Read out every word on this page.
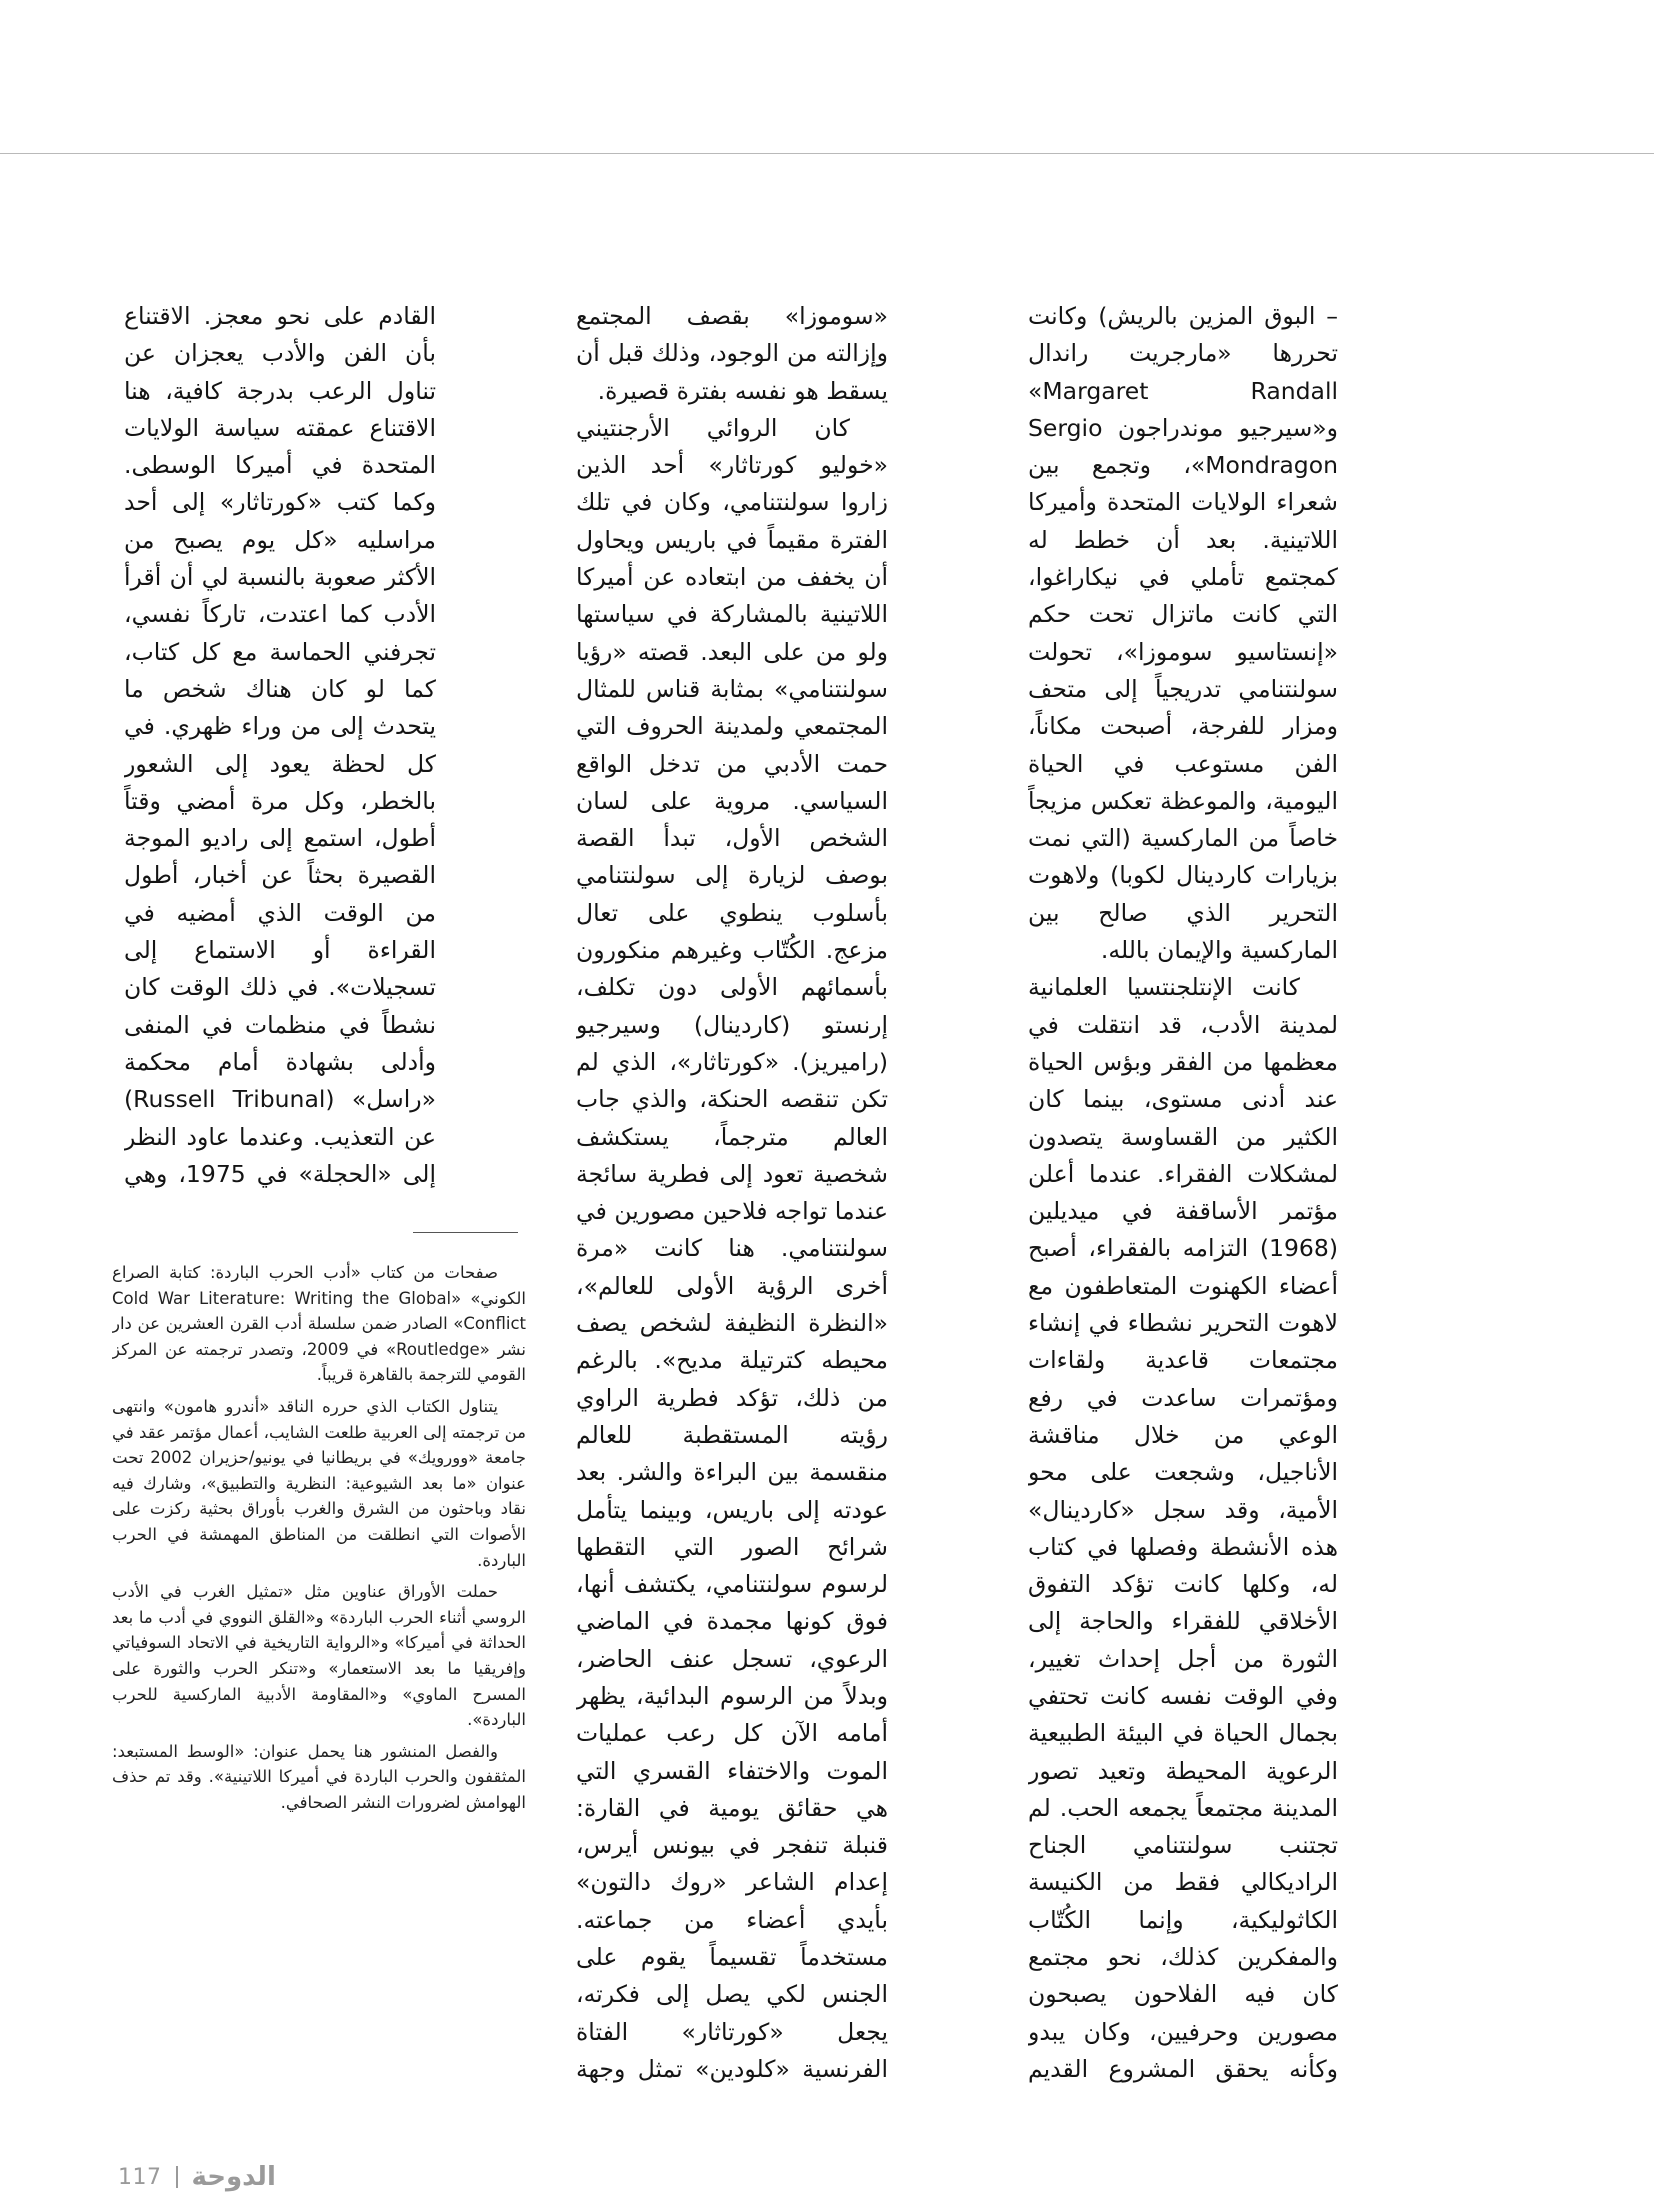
– البوق المزين بالريش) وكانت تحررها «مارجريت راندال Margaret Randall» و«سيرجيو موندراجون Sergio Mondragon»، وتجمع بين شعراء الولايات المتحدة وأميركا اللاتينية. بعد أن خطط له كمجتمع تأملي في نيكاراغوا، التي كانت ماتزال تحت حكم «إنستاسيو سوموزا»، تحولت سولنتنامي تدريجياً إلى متحف ومزار للفرجة، أصبحت مكاناً، الفن مستوعب في الحياة اليومية، والموعظة تعكس مزيجاً خاصاً من الماركسية (التي نمت بزيارات كاردينال لكوبا) ولاهوت التحرير الذي صالح بين الماركسية والإيمان بالله.

كانت الإنتلجنتسيا العلمانية لمدينة الأدب، قد انتقلت في معظمها من الفقر وبؤس الحياة عند أدنى مستوى، بينما كان الكثير من القساوسة يتصدون لمشكلات الفقراء. عندما أعلن مؤتمر الأساقفة في ميديلين (1968) التزامه بالفقراء، أصبح أعضاء الكهنوت المتعاطفون مع لاهوت التحرير نشطاء في إنشاء مجتمعات قاعدية ولقاءات ومؤتمرات ساعدت في رفع الوعي من خلال مناقشة الأناجيل، وشجعت على محو الأمية، وقد سجل «كاردينال» هذه الأنشطة وفصلها في كتاب له، وكلها كانت تؤكد التفوق الأخلاقي للفقراء والحاجة إلى الثورة من أجل إحداث تغيير، وفي الوقت نفسه كانت تحتفي بجمال الحياة في البيئة الطبيعية الرعوية المحيطة وتعيد تصور المدينة مجتمعاً يجمعه الحب. لم تجتنب سولنتنامي الجناح الراديكالي فقط من الكنيسة الكاثوليكية، وإنما الكُتّاب والمفكرين كذلك، نحو مجتمع كان فيه الفلاحون يصبحون مصورين وحرفيين، وكان يبدو وكأنه يحقق المشروع القديم

«سوموزا» بقصف المجتمع وإزالته من الوجود، وذلك قبل أن يسقط هو نفسه بفترة قصيرة.

كان الروائي الأرجنتيني «خوليو كورتاثار» أحد الذين زاروا سولنتنامي، وكان في تلك الفترة مقيماً في باريس ويحاول أن يخفف من ابتعاده عن أميركا اللاتينية بالمشاركة في سياستها ولو من على البعد. قصته «رؤيا سولنتنامي» بمثابة قناس للمثال المجتمعي ولمدينة الحروف التي حمت الأدبي من تدخل الواقع السياسي. مروية على لسان الشخص الأول، تبدأ القصة بوصف لزيارة إلى سولنتنامي بأسلوب ينطوي على تعال مزعج. الكُتّاب وغيرهم منكورون بأسمائهم الأولى دون تكلف، إرنستو (كاردينال) وسيرجيو (راميريز). «كورتاثار»، الذي لم تكن تنقصه الحنكة، والذي جاب العالم مترجماً، يستكشف شخصية تعود إلى فطرية سائجة عندما تواجه فلاحين مصورين في سولنتنامي. هنا كانت «مرة أخرى الرؤية الأولى للعالم»، «النظرة النظيفة لشخص يصف محيطه كترتيلة مديح». بالرغم من ذلك، تؤكد فطرية الراوي رؤيته المستقطبة للعالم منقسمة بين البراءة والشر. بعد عودته إلى باريس، وبينما يتأمل شرائح الصور التي التقطها لرسوم سولنتنامي، يكتشف أنها، فوق كونها مجمدة في الماضي الرعوي، تسجل عنف الحاضر، وبدلاً من الرسوم البدائية، يظهر أمامه الآن كل رعب عمليات الموت والاختفاء القسري التي هي حقائق يومية في القارة: قنبلة تنفجر في بيونس أيرس، إعدام الشاعر «روك دالتون» بأيدي أعضاء من جماعته. مستخدماً تقسيماً يقوم على الجنس لكي يصل إلى فكرته، يجعل «كورتاثار» الفتاة الفرنسية «كلودين» تمثل وجهة

القادم على نحو معجز. الاقتناع بأن الفن والأدب يعجزان عن تناول الرعب بدرجة كافية، هنا الاقتناع عمقته سياسة الولايات المتحدة في أميركا الوسطى. وكما كتب «كورتاثار» إلى أحد مراسليه «كل يوم يصبح من الأكثر صعوبة بالنسبة لي أن أقرأ الأدب كما اعتدت، تاركاً نفسي، تجرفني الحماسة مع كل كتاب، كما لو كان هناك شخص ما يتحدث إلى من وراء ظهري. في كل لحظة يعود إلى الشعور بالخطر، وكل مرة أمضي وقتاً أطول، استمع إلى راديو الموجة القصيرة بحثاً عن أخبار، أطول من الوقت الذي أمضيه في القراءة أو الاستماع إلى تسجيلات». في ذلك الوقت كان نشطاً في منظمات في المنفى وأدلى بشهادة أمام محكمة «راسل» (Russell Tribunal) عن التعذيب. وعندما عاود النظر إلى «الحجلة» في 1975، وهي

صفحات من كتاب «أدب الحرب الباردة: كتابة الصراع الكوني» «Cold War Literature: Writing the Global Conflict» الصادر ضمن سلسلة أدب القرن العشرين عن دار نشر «Routledge» في 2009، وتصدر ترجمته عن المركز القومي للترجمة بالقاهرة قريباً.

يتناول الكتاب الذي حرره الناقد «أندرو هامون» وانتهى من ترجمته إلى العربية طلعت الشايب، أعمال مؤتمر عقد في جامعة «وورويك» في بريطانيا في يونيو/حزيران 2002 تحت عنوان «ما بعد الشيوعية: النظرية والتطبيق»، وشارك فيه نقاد وباحثون من الشرق والغرب بأوراق بحثية ركزت على الأصوات التي انطلقت من المناطق المهمشة في الحرب الباردة.

حملت الأوراق عناوين مثل «تمثيل الغرب في الأدب الروسي أثناء الحرب الباردة» و«القلق النووي في أدب ما بعد الحداثة في أميركا» و«الرواية التاريخية في الاتحاد السوفياتي وإفريقيا ما بعد الاستعمار» و«تنكر الحرب والثورة على المسرح الماوي» و«المقاومة الأدبية الماركسية للحرب الباردة».

والفصل المنشور هنا يحمل عنوان: «الوسط المستبعد: المثقفون والحرب الباردة في أميركا اللاتينية». وقد تم حذف الهوامش لضرورات النشر الصحافي.

117 الدوحة
